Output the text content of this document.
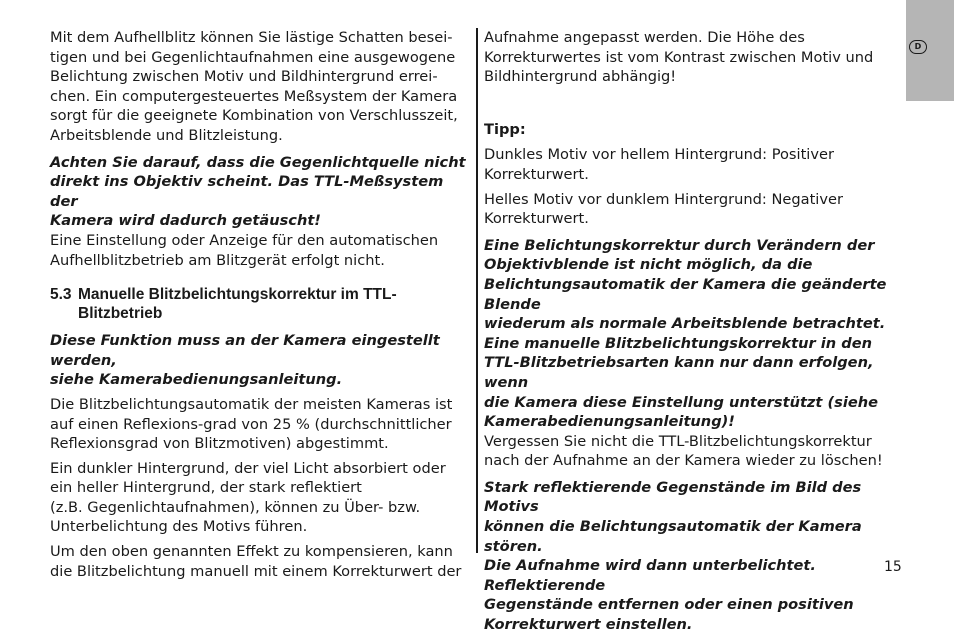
D

Mit dem Aufhellblitz können Sie lästige Schatten besei-
tigen und bei Gegenlichtaufnahmen eine ausgewogene
Belichtung zwischen Motiv und Bildhintergrund errei-
chen. Ein computergesteuertes Meßsystem der Kamera
sorgt für die geeignete Kombination von Verschlusszeit,
Arbeitsblende und Blitzleistung.

Achten Sie darauf, dass die Gegenlichtquelle nicht
direkt ins Objektiv scheint. Das TTL-Meßsystem der
Kamera wird dadurch getäuscht!

Eine Einstellung oder Anzeige für den automatischen
Aufhellblitzbetrieb am Blitzgerät erfolgt nicht.

5.3 Manuelle Blitzbelichtungskorrektur im TTL-
Blitzbetrieb

Diese Funktion muss an der Kamera eingestellt werden,
siehe Kamerabedienungsanleitung.

Die Blitzbelichtungsautomatik der meisten Kameras ist
auf einen Reflexions-grad von 25 % (durchschnittlicher
Reflexionsgrad von Blitzmotiven) abgestimmt.

Ein dunkler Hintergrund, der viel Licht absorbiert oder
ein heller Hintergrund, der stark reflektiert
(z.B. Gegenlichtaufnahmen), können zu Über- bzw.
Unterbelichtung des Motivs führen.

Um den oben genannten Effekt zu kompensieren, kann
die Blitzbelichtung manuell mit einem Korrekturwert der

Aufnahme angepasst werden. Die Höhe des
Korrekturwertes ist vom Kontrast zwischen Motiv und
Bildhintergrund abhängig!

Tipp:

Dunkles Motiv vor hellem Hintergrund: Positiver
Korrekturwert.

Helles Motiv vor dunklem Hintergrund: Negativer
Korrekturwert.

Eine Belichtungskorrektur durch Verändern der
Objektivblende ist nicht möglich, da die
Belichtungsautomatik der Kamera die geänderte Blende
wiederum als normale Arbeitsblende betrachtet.
Eine manuelle Blitzbelichtungskorrektur in den
TTL-Blitzbetriebsarten kann nur dann erfolgen, wenn
die Kamera diese Einstellung unterstützt (siehe
Kamerabedienungsanleitung)!

Vergessen Sie nicht die TTL-Blitzbelichtungskorrektur
nach der Aufnahme an der Kamera wieder zu löschen!

Stark reflektierende Gegenstände im Bild des Motivs
können die Belichtungsautomatik der Kamera stören.
Die Aufnahme wird dann unterbelichtet. Reflektierende
Gegenstände entfernen oder einen positiven
Korrekturwert einstellen.

15
